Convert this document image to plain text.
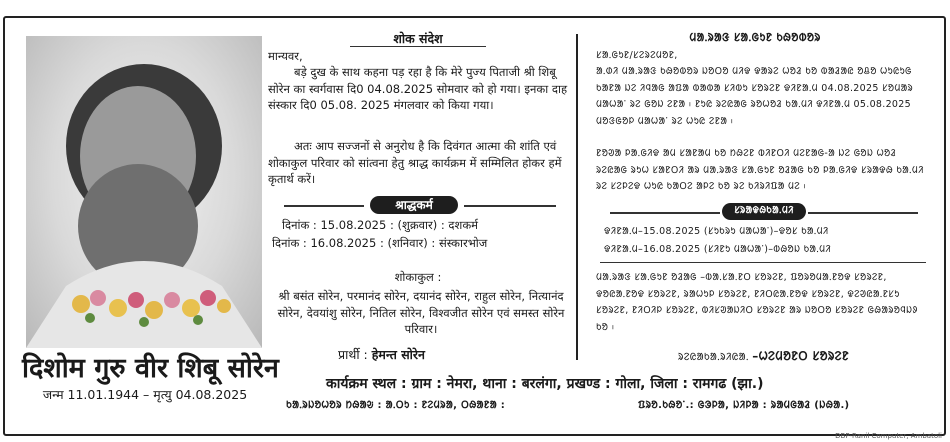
दिशोम गुरु वीर शिबू सोरेन
जन्म 11.01.1944 – मृत्यु 04.08.2025
शोक संदेश
मान्यवर,
बड़े दुख के साथ कहना पड़ रहा है कि मेरे पुज्य पिताजी श्री शिबू सोरेन का स्वर्गवास दि0 04.08.2025 सोमवार को हो गया। इनका दाह संस्कार दि0 05.08. 2025 मंगलवार को किया गया।
अतः आप सज्जनों से अनुरोध है कि दिवंगत आत्मा की शांति एवं शोकाकुल परिवार को सांत्वना हेतु श्राद्ध कार्यक्रम में सम्मिलित होकर हमें कृतार्थ करें।
श्राद्धकर्म
दिनांक : 15.08.2025 : (शुक्रवार) : दशकर्म
दिनांक : 16.08.2025 : (शनिवार) : संस्कारभोज
शोकाकुल :
श्री बसंत सोरेन, परमानंद सोरेन, दयानंद सोरेन, राहुल सोरेन, नित्यानंद सोरेन, देवयांशु सोरेन, नितिल सोरेन, विश्वजीत सोरेन एवं समस्त सोरेन परिवार।
प्रार्थी : हेमन्त सोरेन
ᱢᱟᱹᱨᱟᱝ ᱥᱟᱹᱜᱩᱱ ᱠᱷᱚᱵᱚᱨ
ᱥᱟᱹᱜᱩᱱ/ᱥᱮᱨᱮᱢᱚᱱ,
ᱟᱹᱰᱤ ᱢᱟᱹᱨᱟᱝ ᱠᱷᱚᱵᱚᱨ ᱡᱚᱛᱚ ᱢᱤᱫ ᱫᱟᱨᱮ ᱦᱚᱲ ᱠᱚ ᱵᱟᱲᱟᱭ ᱚᱪᱚ ᱦᱩᱭᱩᱜ ᱠᱟᱱᱟ ᱡᱮ ᱤᱧᱟᱜ ᱟᱯᱟ ᱵᱟᱵᱟ ᱥᱤᱵᱩ ᱥᱚᱨᱮᱱ ᱫᱤᱱᱟᱹᱢ 04.08.2025 ᱥᱚᱢᱟᱨ ᱢᱟᱦᱟᱸ ᱨᱮ ᱜᱚᱡ ᱮᱱᱟ ᱾ ᱱᱩᱭ ᱨᱮᱭᱟᱜ ᱨᱚᱦᱚᱲ ᱠᱟᱹᱢᱤ ᱫᱤᱱᱟᱹᱢ 05.08.2025 ᱢᱚᱝᱜᱚᱞ ᱢᱟᱦᱟᱸ ᱨᱮ ᱦᱩᱭ ᱮᱱᱟ ᱾
ᱱᱚᱣᱟ ᱞᱟᱹᱜᱤᱫ ᱟᱢ ᱥᱟᱱᱟᱢ ᱠᱚ ᱴᱷᱮᱱ ᱵᱤᱱᱛᱤ ᱢᱮᱱᱟᱜ-ᱟ ᱡᱮ ᱜᱚᱡ ᱦᱚᱲ ᱨᱮᱭᱟᱜ ᱨᱩᱦ ᱥᱟᱱᱛᱤ ᱟᱨ ᱢᱟᱹᱨᱟᱝ ᱥᱟᱹᱜᱩᱱ ᱚᱲᱟᱜ ᱠᱚ ᱞᱟᱹᱜᱤᱫ ᱥᱨᱟᱫᱷ ᱠᱟᱹᱢᱤ ᱨᱮ ᱥᱮᱞᱮᱫ ᱦᱩᱭ ᱠᱟᱛᱮ ᱟᱞᱮ ᱠᱚ ᱨᱮ ᱠᱤᱨᱤᱯᱟ ᱢᱮ ᱾
ᱥᱨᱟᱫᱷᱠᱟᱹᱢᱤ
ᱫᱤᱱᱟᱹᱢ–15.08.2025 (ᱥᱩᱠᱨᱩ ᱢᱟᱦᱟᱸ)–ᱫᱚᱥ ᱠᱟᱹᱢᱤ
ᱫᱤᱱᱟᱹᱢ–16.08.2025 (ᱥᱤᱱᱩ ᱢᱟᱦᱟᱸ)–ᱵᱷᱚᱡ ᱠᱟᱹᱢᱤ
ᱢᱟᱹᱨᱟᱝ ᱥᱟᱹᱜᱩᱱ ᱚᱲᱟᱜ –ᱵᱟᱹᱥᱟᱹᱱᱛ ᱥᱚᱨᱮᱱ, ᱯᱚᱨᱚᱢᱟᱹᱱᱚᱫ ᱥᱚᱨᱮᱱ, ᱫᱚᱭᱟᱹᱱᱚᱫ ᱥᱚᱨᱮᱱ, ᱨᱟᱦᱩᱞ ᱥᱚᱨᱮᱱ, ᱱᱤᱛᱭᱟᱹᱱᱚᱫ ᱥᱚᱨᱮᱱ, ᱫᱮᱣᱭᱟᱹᱱᱥᱩ ᱥᱚᱨᱮᱱ, ᱱᱤᱛᱤᱞ ᱥᱚᱨᱮᱱ, ᱵᱤᱥᱣᱟᱡᱤᱛ ᱥᱚᱨᱮᱱ ᱟᱨ ᱡᱚᱛᱚ ᱥᱚᱨᱮᱱ ᱜᱷᱟᱨᱚᱧᱡᱽ ᱠᱚ ᱾
ᱨᱮᱭᱟᱠᱟᱹᱨᱤᱭᱟᱹ –ᱦᱮᱢᱚᱱᱛ ᱥᱚᱨᱮᱱ
कार्यक्रम स्थल : ग्राम : नेमरा, थाना : बरलंगा, प्रखण्ड : गोला, जिला : रामगढ (झा.)
ᱠᱟᱹᱨᱡᱚᱦᱚᱨ ᱴᱷᱟᱶ : ᱟᱹᱛᱩ : ᱱᱮᱢᱨᱟ, ᱛᱷᱟᱱᱟ :	ᱯᱨᱚ.ᱠᱷᱚᱸ.: ᱜᱳᱞᱟ, ᱡᱤᱞᱟ : ᱨᱟᱢᱜᱟᱲ (ᱡᱷᱟ.)
DBP-Ranil Computer, Ambatoli
